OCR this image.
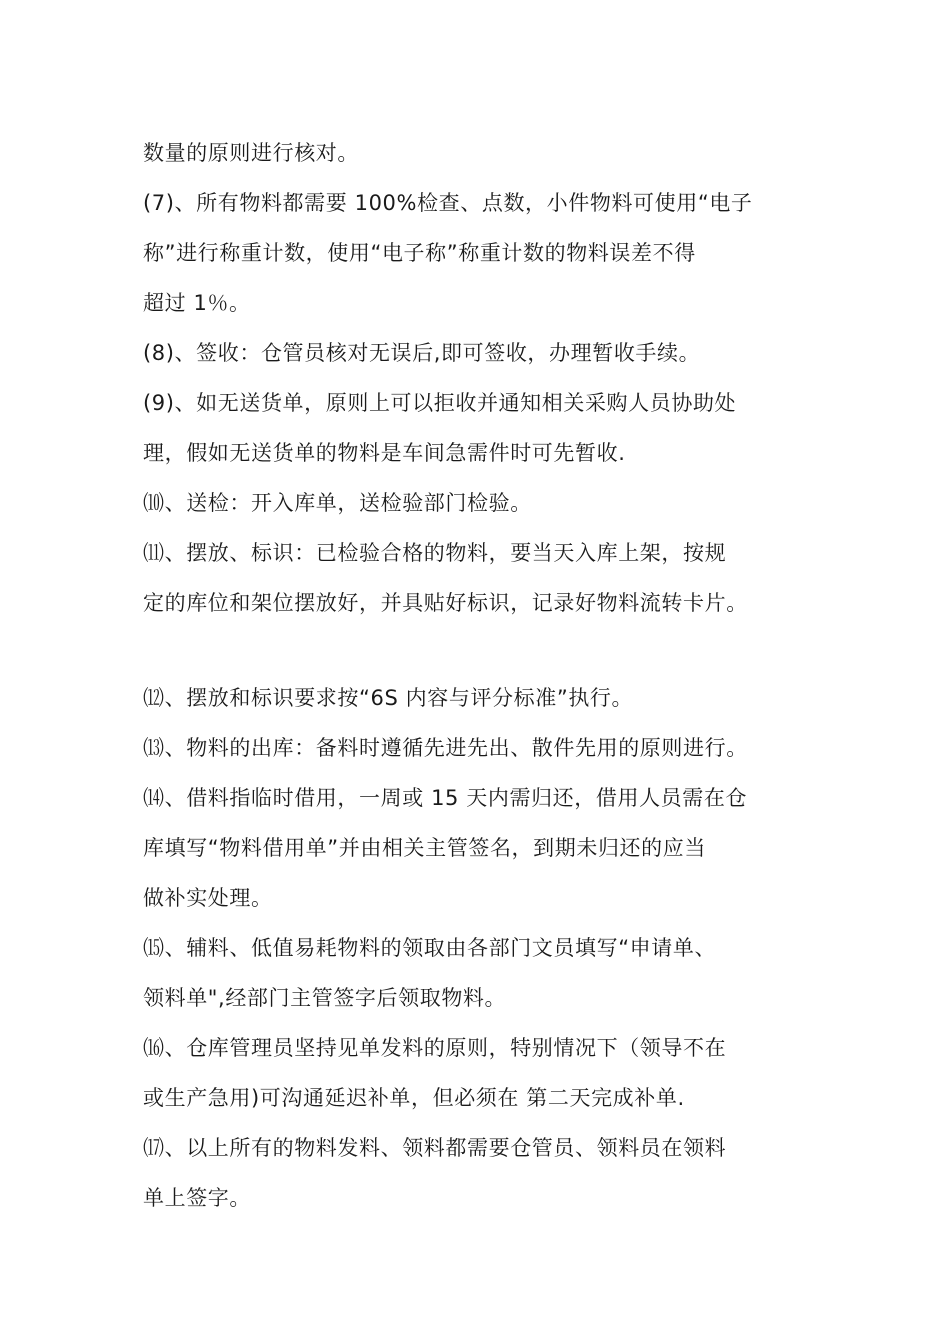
数量的原则进行核对。

(7)、所有物料都需要 100%检查、点数，小件物料可使用“电子
称”进行称重计数，使用“电子称”称重计数的物料误差不得
超过 1％。

(8)、签收：仓管员核对无误后,即可签收，办理暂收手续。

(9)、如无送货单，原则上可以拒收并通知相关采购人员协助处
理，假如无送货单的物料是车间急需件时可先暂收.

⑽、送检：开入库单，送检验部门检验。

⑾、摆放、标识：已检验合格的物料，要当天入库上架，按规
定的库位和架位摆放好，并具贴好标识，记录好物料流转卡片。

⑿、摆放和标识要求按“6S 内容与评分标准”执行。

⒀、物料的出库：备料时遵循先进先出、散件先用的原则进行。

⒁、借料指临时借用，一周或 15 天内需归还，借用人员需在仓
库填写“物料借用单”并由相关主管签名，到期未归还的应当
做补实处理。

⒂、辅料、低值易耗物料的领取由各部门文员填写“申请单、
领料单",经部门主管签字后领取物料。

⒃、仓库管理员坚持见单发料的原则，特别情况下（领导不在
或生产急用)可沟通延迟补单，但必须在 第二天完成补单.

⒄、以上所有的物料发料、领料都需要仓管员、领料员在领料
单上签字。
